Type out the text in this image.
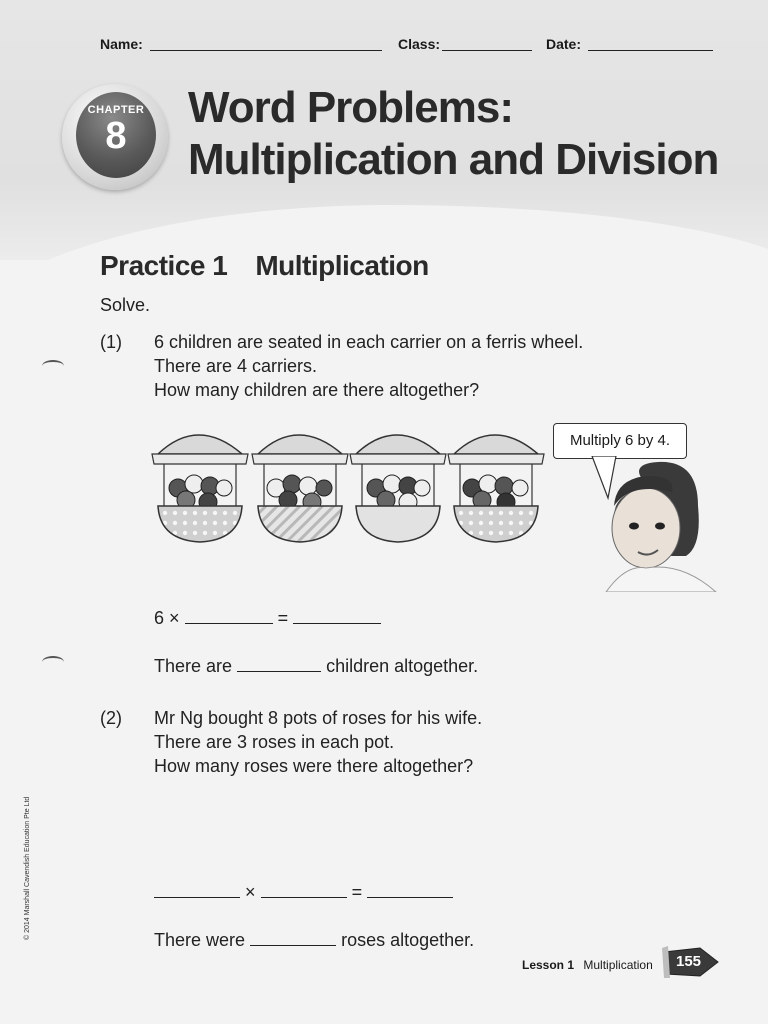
Name:	Class:	Date:
CHAPTER
8
Word Problems:
Multiplication and Division
Practice 1 Multiplication
Solve.
(1) 6 children are seated in each carrier on a ferris wheel.
There are 4 carriers.
How many children are there altogether?
Multiply 6 by 4.
6 ×	=
There are	children altogether.
(2) Mr Ng bought 8 pots of roses for his wife.
There are 3 roses in each pot.
How many roses were there altogether?
×	=
There were	roses altogether.
© 2014 Marshall Cavendish Education Pte Ltd
Lesson 1 Multiplication 155
